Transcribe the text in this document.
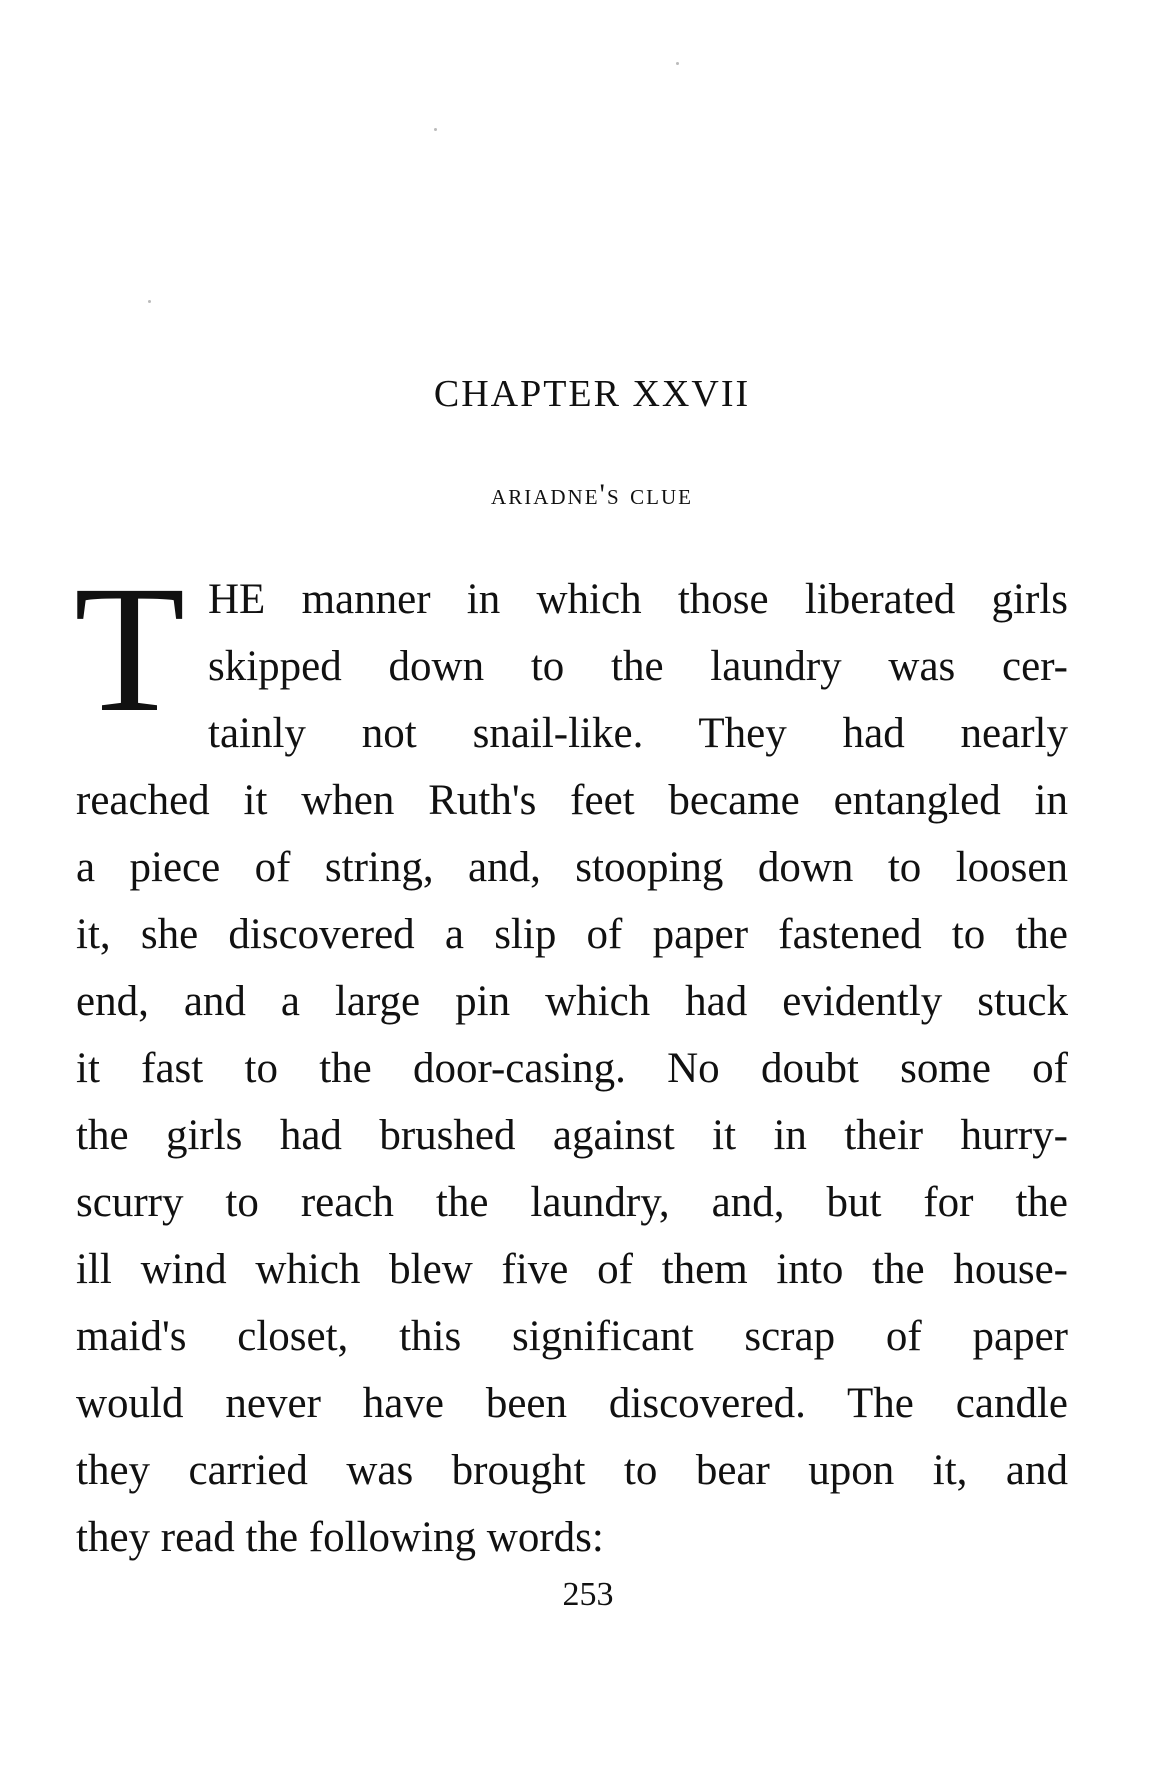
CHAPTER XXVII
ariadne's clue
T HE manner in which those liberated girls
skipped down to the laundry was cer-
tainly not snail-like. They had nearly
reached it when Ruth's feet became entangled in
a piece of string, and, stooping down to loosen
it, she discovered a slip of paper fastened to the
end, and a large pin which had evidently stuck
it fast to the door-casing. No doubt some of
the girls had brushed against it in their hurry-
scurry to reach the laundry, and, but for the
ill wind which blew five of them into the house-
maid's closet, this significant scrap of paper
would never have been discovered. The candle
they carried was brought to bear upon it, and
they read the following words:
253
